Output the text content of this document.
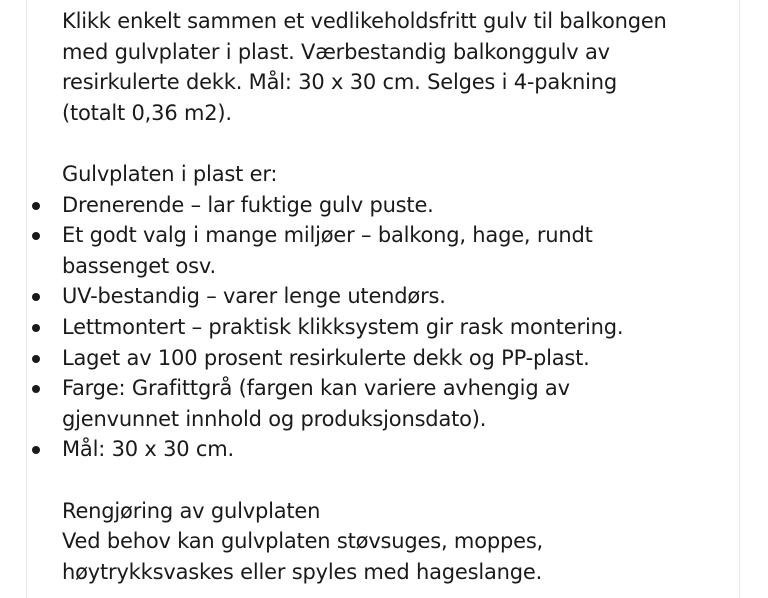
Klikk enkelt sammen et vedlikeholdsfritt gulv til balkongen
med gulvplater i plast. Værbestandig balkonggulv av
resirkulerte dekk. Mål: 30 x 30 cm. Selges i 4-pakning
(totalt 0,36 m2).

Gulvplaten i plast er:

Drenerende – lar fuktige gulv puste.
Et godt valg i mange miljøer – balkong, hage, rundt
bassenget osv.
UV-bestandig – varer lenge utendørs.
Lettmontert – praktisk klikksystem gir rask montering.
Laget av 100 prosent resirkulerte dekk og PP-plast.
Farge: Grafittgrå (fargen kan variere avhengig av
gjenvunnet innhold og produksjonsdato).
Mål: 30 x 30 cm.

Rengjøring av gulvplaten

Ved behov kan gulvplaten støvsuges, moppes,
høytrykksvaskes eller spyles med hageslange.
